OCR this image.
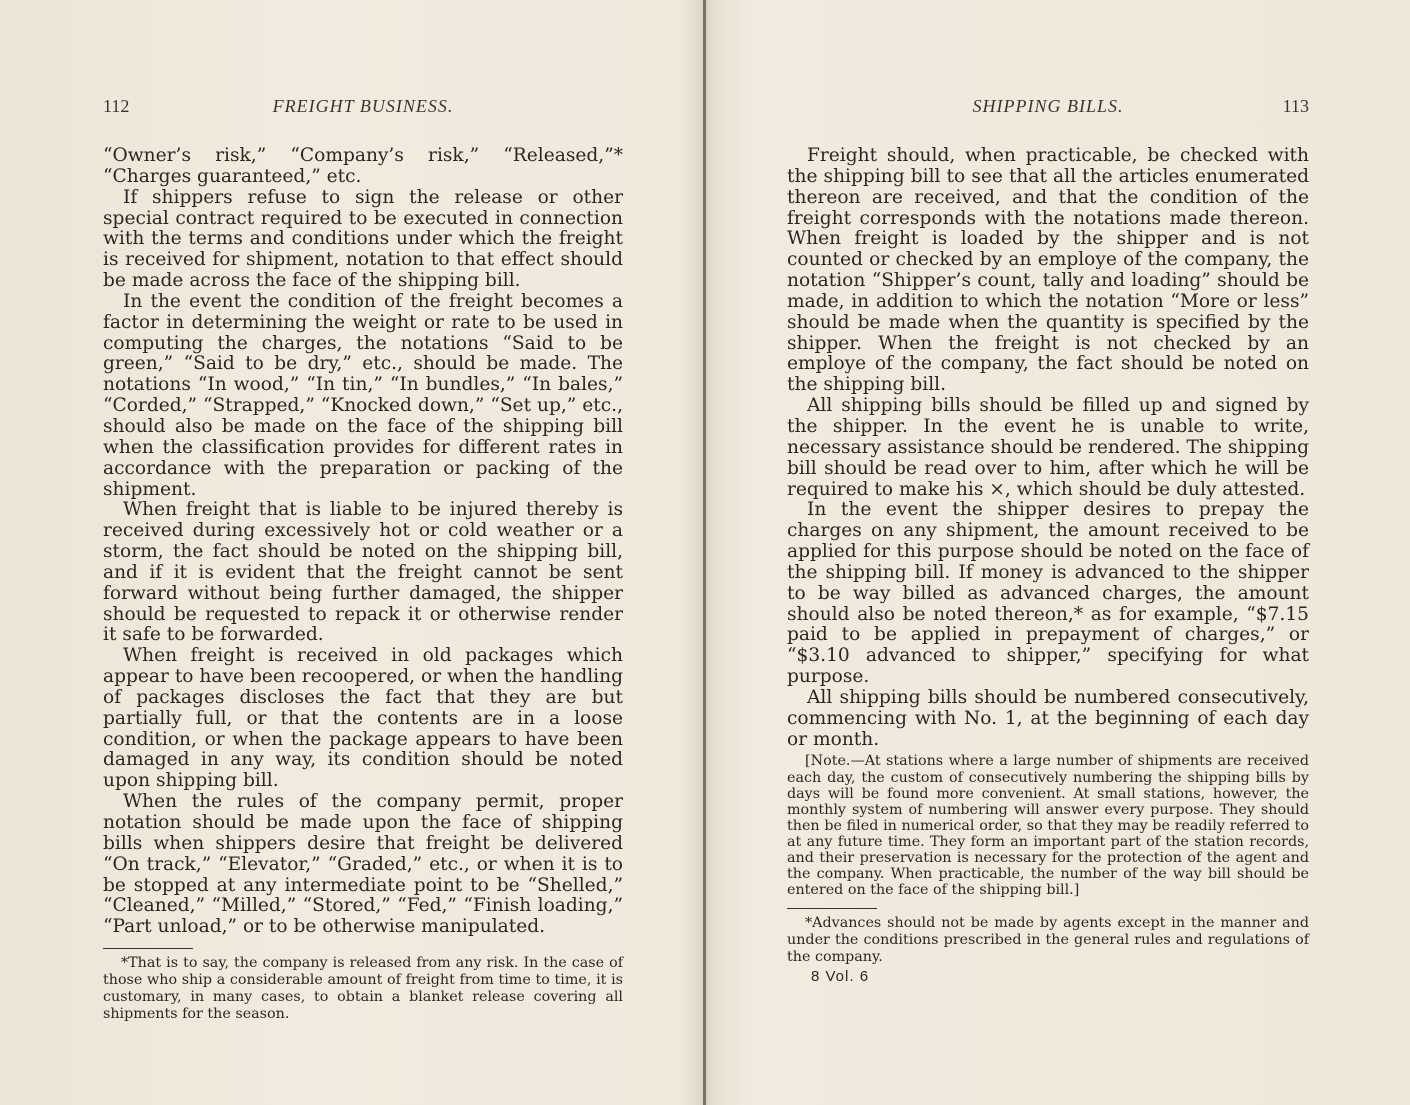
112	FREIGHT BUSINESS.

“Owner’s risk,” “Company’s risk,” “Released,”* “Charges guaranteed,” etc.

If shippers refuse to sign the release or other special contract required to be executed in connection with the terms and conditions under which the freight is received for shipment, notation to that effect should be made across the face of the shipping bill.

In the event the condition of the freight becomes a factor in determining the weight or rate to be used in computing the charges, the notations “Said to be green,” “Said to be dry,” etc., should be made. The notations “In wood,” “In tin,” “In bundles,” “In bales,” “Corded,” “Strapped,” “Knocked down,” “Set up,” etc., should also be made on the face of the shipping bill when the classification provides for different rates in accordance with the preparation or packing of the shipment.

When freight that is liable to be injured thereby is received during excessively hot or cold weather or a storm, the fact should be noted on the shipping bill, and if it is evident that the freight cannot be sent forward without being further damaged, the shipper should be requested to repack it or otherwise render it safe to be forwarded.

When freight is received in old packages which appear to have been recoopered, or when the handling of packages discloses the fact that they are but partially full, or that the contents are in a loose condition, or when the package appears to have been damaged in any way, its condition should be noted upon shipping bill.

When the rules of the company permit, proper notation should be made upon the face of shipping bills when shippers desire that freight be delivered “On track,” “Elevator,” “Graded,” etc., or when it is to be stopped at any intermediate point to be “Shelled,” “Cleaned,” “Milled,” “Stored,” “Fed,” “Finish loading,” “Part unload,” or to be otherwise manipulated.

*That is to say, the company is released from any risk. In the case of those who ship a considerable amount of freight from time to time, it is customary, in many cases, to obtain a blanket release covering all shipments for the season.

SHIPPING BILLS.	113

Freight should, when practicable, be checked with the shipping bill to see that all the articles enumerated thereon are received, and that the condition of the freight corresponds with the notations made thereon. When freight is loaded by the shipper and is not counted or checked by an employe of the company, the notation “Shipper’s count, tally and loading” should be made, in addition to which the notation “More or less” should be made when the quantity is specified by the shipper. When the freight is not checked by an employe of the company, the fact should be noted on the shipping bill.

All shipping bills should be filled up and signed by the shipper. In the event he is unable to write, necessary assistance should be rendered. The shipping bill should be read over to him, after which he will be required to make his ×, which should be duly attested.

In the event the shipper desires to prepay the charges on any shipment, the amount received to be applied for this purpose should be noted on the face of the shipping bill. If money is advanced to the shipper to be way billed as advanced charges, the amount should also be noted thereon,* as for example, “$7.15 paid to be applied in prepayment of charges,” or “$3.10 advanced to shipper,” specifying for what purpose.

All shipping bills should be numbered consecutively, commencing with No. 1, at the beginning of each day or month.

[Note.—At stations where a large number of shipments are received each day, the custom of consecutively numbering the shipping bills by days will be found more convenient. At small stations, however, the monthly system of numbering will answer every purpose. They should then be filed in numerical order, so that they may be readily referred to at any future time. They form an important part of the station records, and their preservation is necessary for the protection of the agent and the company. When practicable, the number of the way bill should be entered on the face of the shipping bill.]

*Advances should not be made by agents except in the manner and under the conditions prescribed in the general rules and regulations of the company.

8 Vol. 6
